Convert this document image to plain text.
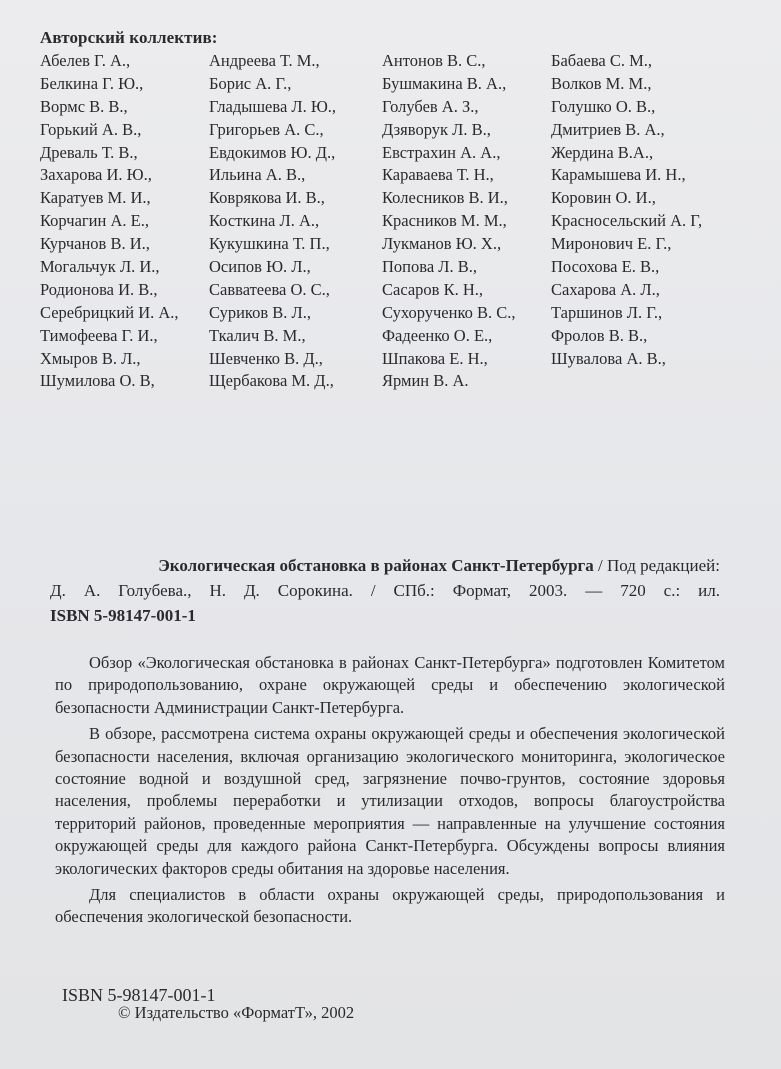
Авторский коллектив:
Абелев Г. А.,
Белкина Г. Ю.,
Вормс В. В.,
Горький А. В.,
Древаль Т. В.,
Захарова И. Ю.,
Каратуев М. И.,
Корчагин А. Е.,
Курчанов В. И.,
Могальчук Л. И.,
Родионова И. В.,
Серебрицкий И. А.,
Тимофеева Г. И.,
Хмыров В. Л.,
Шумилова О. В,
Андреева Т. М.,
Борис А. Г.,
Гладышева Л. Ю.,
Григорьев А. С.,
Евдокимов Ю. Д.,
Ильина А. В.,
Коврякова И. В.,
Косткина Л. А.,
Кукушкина Т. П.,
Осипов Ю. Л.,
Савватеева О. С.,
Суриков В. Л.,
Ткалич В. М.,
Шевченко В. Д.,
Щербакова М. Д.,
Антонов В. С.,
Бушмакина В. А.,
Голубев А. З.,
Дзяворук Л. В.,
Евстрахин А. А.,
Караваева Т. Н.,
Колесников В. И.,
Красников М. М.,
Лукманов Ю. Х.,
Попова Л. В.,
Сасаров К. Н.,
Сухорученко В. С.,
Фадеенко О. Е.,
Шпакова Е. Н.,
Ярмин В. А.
Бабаева С. М.,
Волков М. М.,
Голушко О. В.,
Дмитриев В. А.,
Жердина В.А.,
Карамышева И. Н.,
Коровин О. И.,
Красносельский А. Г,
Миронович Е. Г.,
Посохова Е. В.,
Сахарова А. Л.,
Таршинов Л. Г.,
Фролов В. В.,
Шувалова А. В.,
Экологическая обстановка в районах Санкт-Петербурга / Под редакцией:
Д. А. Голубева., Н. Д. Сорокина. / СПб.: Формат, 2003. — 720 с.: ил.
ISBN 5-98147-001-1

Обзор «Экологическая обстановка в районах Санкт-Петербурга» подготовлен Комитетом по природопользованию, охране окружающей среды и обеспечению экологической безопасности Администрации Санкт-Петербурга.

В обзоре, рассмотрена система охраны окружающей среды и обеспечения экологической безопасности населения, включая организацию экологического мониторинга, экологическое состояние водной и воздушной сред, загрязнение почво-грунтов, состояние здоровья населения, проблемы переработки и утилизации отходов, вопросы благоустройства территорий районов, проведенные мероприятия — направленные на улучшение состояния окружающей среды для каждого района Санкт-Петербурга. Обсуждены вопросы влияния экологических факторов среды обитания на здоровье населения.

Для специалистов в области охраны окружающей среды, природопользования и обеспечения экологической безопасности.

ISBN 5-98147-001-1
© Издательство «ФорматТ», 2002
